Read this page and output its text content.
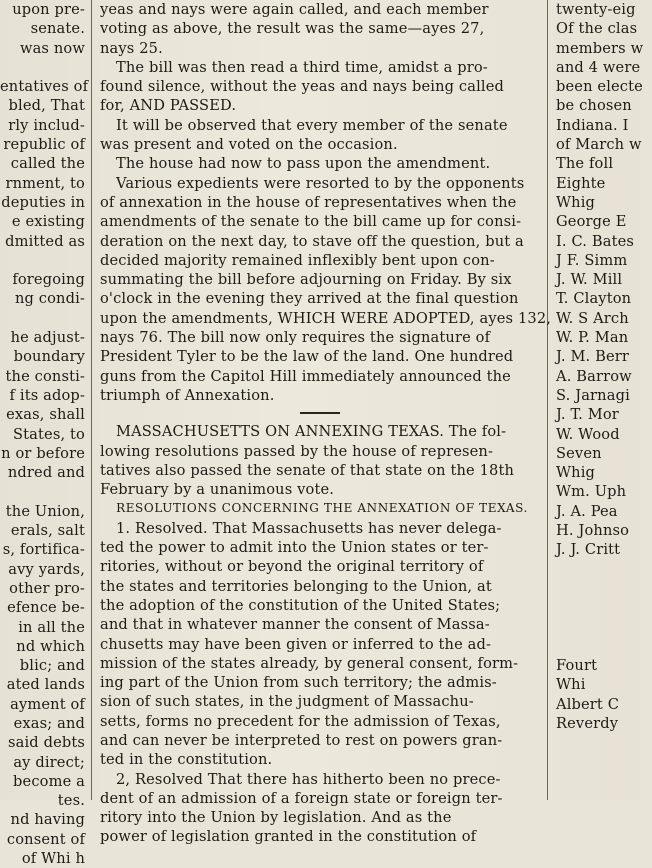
upon pre-
senate.
was now

entatives of
bled, That
rly includ-
republic of
called the
rnment, to
deputies in
e existing
dmitted as

foregoing
ng condi-

he adjust-
boundary
the consti-
f its adop-
exas, shall
States, to
n or before
ndred and

the Union,
erals, salt
s, fortifica-
avy yards,
other pro-
efence be-
in all the
nd which
blic; and
ated lands
ayment of
exas; and
said debts
ay direct;
become a
tes.
nd having
consent of
of Whi h
yeas and nays were again called, and each member
voting as above, the result was the same—ayes 27,
nays 25.
The bill was then read a third time, amidst a pro-
found silence, without the yeas and nays being called
for, AND PASSED.
It will be observed that every member of the senate
was present and voted on the occasion.
The house had now to pass upon the amendment.
Various expedients were resorted to by the opponents
of annexation in the house of representatives when the
amendments of the senate to the bill came up for consi-
deration on the next day, to stave off the question, but a
decided majority remained inflexibly bent upon con-
summating the bill before adjourning on Friday. By six
o'clock in the evening they arrived at the final question
upon the amendments, WHICH WERE ADOPTED, ayes 132,
nays 76. The bill now only requires the signature of
President Tyler to be the law of the land. One hundred
guns from the Capitol Hill immediately announced the
triumph of Annexation.
MASSACHUSETTS ON ANNEXING TEXAS. The fol-
lowing resolutions passed by the house of represen-
tatives also passed the senate of that state on the 18th
February by a unanimous vote.
RESOLUTIONS CONCERNING THE ANNEXATION OF TEXAS.
1. Resolved. That Massachusetts has never delega-
ted the power to admit into the Union states or ter-
ritories, without or beyond the original territory of
the states and territories belonging to the Union, at
the adoption of the constitution of the United States;
and that in whatever manner the consent of Massa-
chusetts may have been given or inferred to the ad-
mission of the states already, by general consent, form-
ing part of the Union from such territory; the admis-
sion of such states, in the judgment of Massachu-
setts, forms no precedent for the admission of Texas,
and can never be interpreted to rest on powers gran-
ted in the constitution.
2, Resolved That there has hitherto been no prece-
dent of an admission of a foreign state or foreign ter-
ritory into the Union by legislation. And as the
power of legislation granted in the constitution of
twenty-eig
Of the clas
members w
and 4 were
been electe
be chosen
Indiana. I
of March w
The foll
Eighte
Whig
George E
I. C. Bates
J F. Simm
J. W. Mill
T. Clayton
W. S Arch
W. P. Man
J. M. Berr
A. Barrow
S. Jarnagi
J. T. Mor
W. Wood
Seven
Whig
Wm. Uph
J. A. Pea
H. Johnso
J. J. Critt

Fourt
Whi
Albert C
Reverdy
